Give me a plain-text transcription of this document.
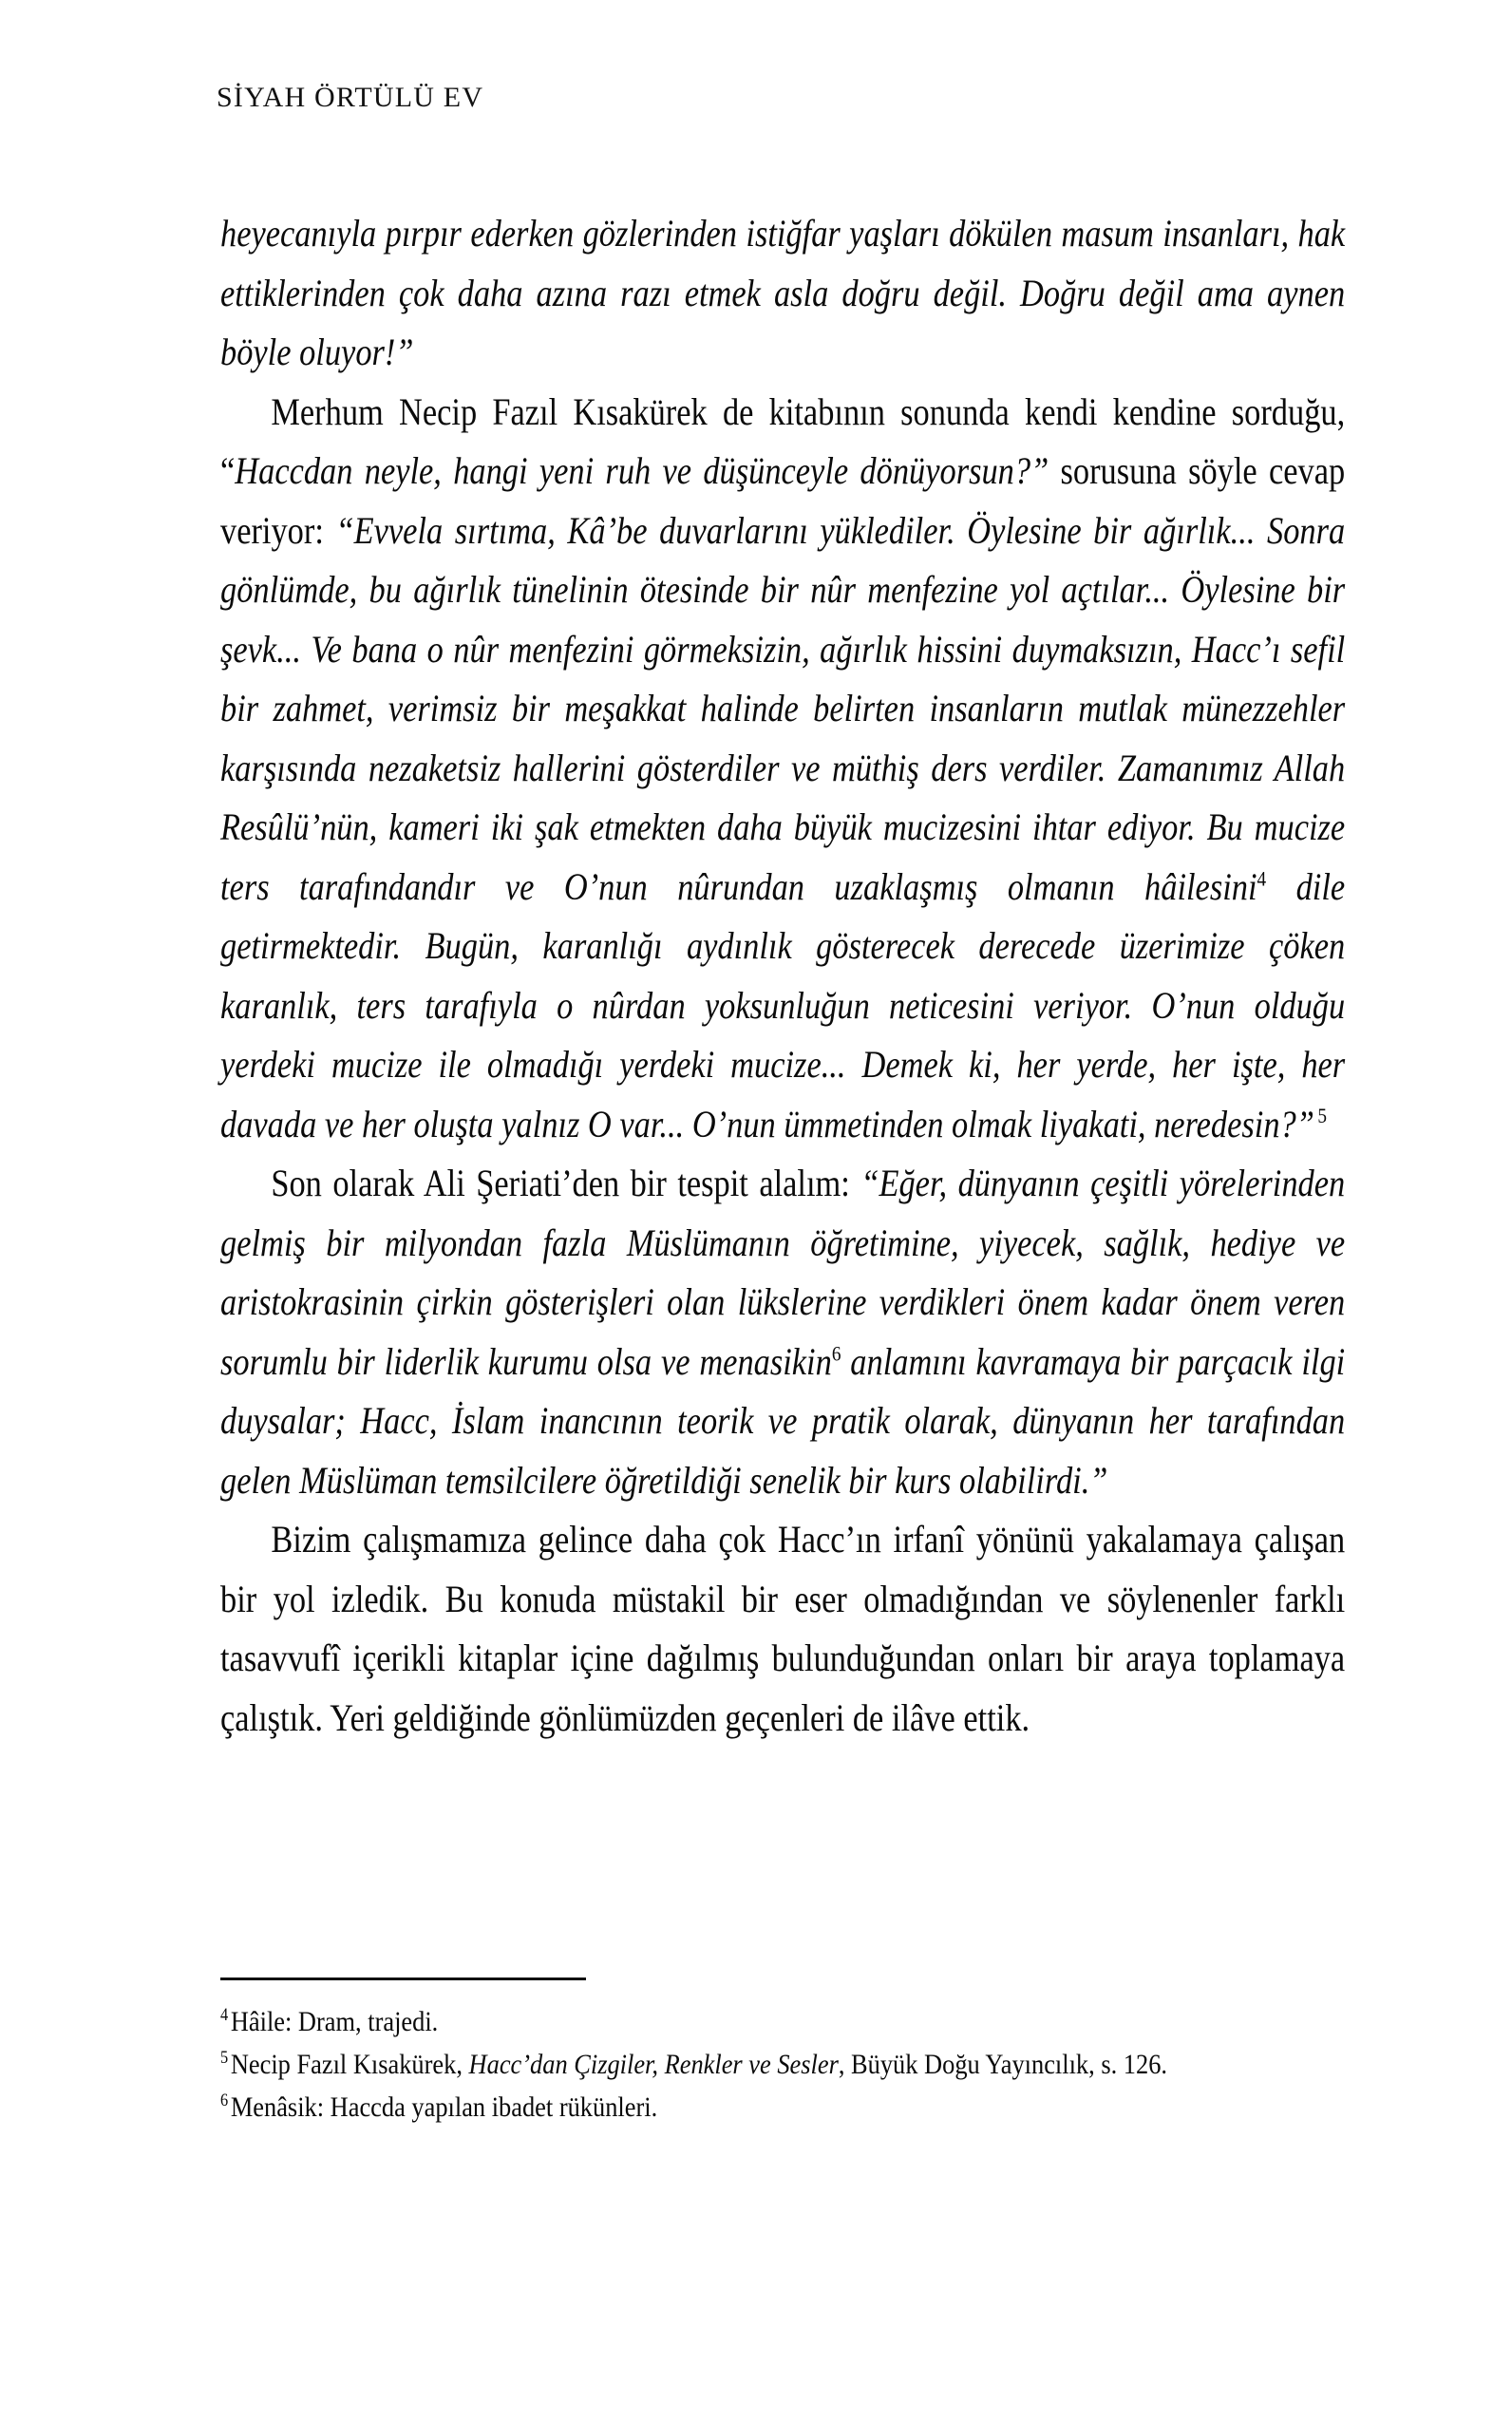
SİYAH ÖRTÜLÜ EV

heyecanıyla pırpır ederken gözlerinden istiğfar yaşları dökülen masum insanları, hak ettiklerinden çok daha azına razı etmek asla doğru değil. Doğru değil ama aynen böyle oluyor!”

Merhum Necip Fazıl Kısakürek de kitabının sonunda kendi kendine sorduğu, “Haccdan neyle, hangi yeni ruh ve düşünceyle dönüyorsun?” sorusuna söyle cevap veriyor: “Evvela sırtıma, Kâ’be duvarlarını yüklediler. Öylesine bir ağırlık... Sonra gönlümde, bu ağırlık tünelinin ötesinde bir nûr menfezine yol açtılar... Öylesine bir şevk... Ve bana o nûr menfezini görmeksizin, ağırlık hissini duymaksızın, Hacc’ı sefil bir zahmet, verimsiz bir meşakkat halinde belirten insanların mutlak münezzehler karşısında nezaketsiz hallerini gösterdiler ve müthiş ders verdiler. Zamanımız Allah Resûlü’nün, kameri iki şak etmekten daha büyük mucizesini ihtar ediyor. Bu mucize ters tarafındandır ve O’nun nûrundan uzaklaşmış olmanın hâilesini$^4$ dile getirmektedir. Bugün, karanlığı aydınlık gösterecek derecede üzerimize çöken karanlık, ters tarafıyla o nûrdan yoksunluğun neticesini veriyor. O’nun olduğu yerdeki mucize ile olmadığı yerdeki mucize... Demek ki, her yerde, her işte, her davada ve her oluşta yalnız O var... O’nun ümmetinden olmak liyakati, neredesin?” $^5$

Son olarak Ali Şeriati’den bir tespit alalım: “Eğer, dünyanın çeşitli yörelerinden gelmiş bir milyondan fazla Müslümanın öğretimine, yiyecek, sağlık, hediye ve aristokrasinin çirkin gösterişleri olan lükslerine verdikleri önem kadar önem veren sorumlu bir liderlik kurumu olsa ve menasikin$^6$ anlamını kavramaya bir parçacık ilgi duysalar; Hacc, İslam inancının teorik ve pratik olarak, dünyanın her tarafından gelen Müslüman temsilcilere öğretildiği senelik bir kurs olabilirdi.”

Bizim çalışmamıza gelince daha çok Hacc’ın irfanî yönünü yakalamaya çalışan bir yol izledik. Bu konuda müstakil bir eser olmadığından ve söylenenler farklı tasavvufî içerikli kitaplar içine dağılmış bulunduğundan onları bir araya toplamaya çalıştık. Yeri geldiğinde gönlümüzden geçenleri de ilâve ettik.

$^4$Hâile: Dram, trajedi.

$^5$Necip Fazıl Kısakürek, Hacc’dan Çizgiler, Renkler ve Sesler, Büyük Doğu Yayıncılık, s. 126.

$^6$Menâsik: Haccda yapılan ibadet rükünleri.
